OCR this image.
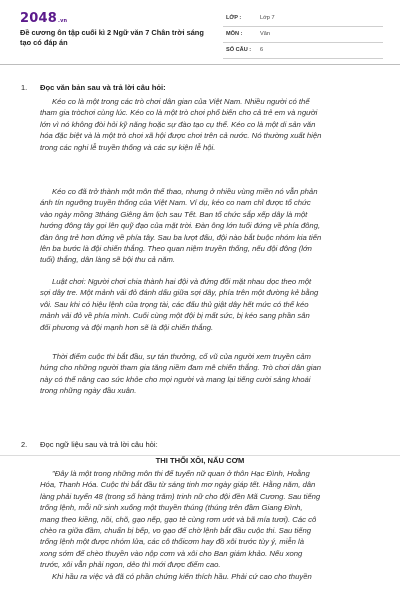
2048.vn
Đề cương ôn tập cuối kì 2 Ngữ văn 7 Chân trời sáng tạo có đáp án
LỚP :	Lớp 7
MÔN :	Văn
SỐ CÂU : 6
1. Đọc văn bản sau và trả lời câu hỏi:
Kéo co là một trong các trò chơi dân gian của Việt Nam. Nhiều người có thể
tham gia tròchơi cùng lúc. Kéo co là một trò chơi phổ biến cho cả trẻ em và người
lớn vì nó không đòi hỏi kỹ năng hoặc sự đào tạo cụ thể. Kéo co là một di sản văn
hóa đặc biệt và là một trò chơi xã hội được chơi trên cả nước. Nó thường xuất hiện
trong các nghi lễ truyền thống và các sự kiện lễ hội.
Kéo co đã trở thành một môn thể thao, nhưng ở nhiều vùng miền nó vẫn phản
ánh tín ngưỡng truyền thống của Việt Nam. Ví dụ, kéo co nam chỉ được tổ chức
vào ngày mồng 3tháng Giêng âm lịch sau Tết. Ban tổ chức sắp xếp dây là một
hướng đông tây gọi lên quỹ đạo của mặt trời. Đàn ông lớn tuổi đứng về phía đông,
đàn ông trẻ hơn đứng về phía tây. Sau ba lượt đấu, đội nào bắt buộc nhóm kia tiến
lên ba bước là đội chiến thắng. Theo quan niệm truyền thống, nếu đội đông (lớn
tuổi) thắng, dân làng sẽ bội thu cả năm.
Luật chơi: Người chơi chia thành hai đội và đứng đối mặt nhau dọc theo một
sợi dây tre. Một mảnh vải đỏ đánh dấu giữa sợi dây, phía trên một đường kẻ bằng
vôi. Sau khi có hiệu lệnh của trọng tài, các đấu thủ giật dây hết mức có thể kéo
mảnh vải đỏ về phía mình. Cuối cùng một đội bị mất sức, bị kéo sang phần sân
đối phương và đội mạnh hơn sẽ là đội chiến thắng.
Thời điểm cuộc thi bắt đầu, sự tán thưởng, cổ vũ của người xem truyền cảm
hứng cho những người tham gia tăng niềm đam mê chiến thắng. Trò chơi dân gian
này có thể nâng cao sức khỏe cho mọi người và mang lại tiếng cười sảng khoái
trong những ngày đầu xuân.
2. Đọc ngữ liệu sau và trả lời câu hỏi:
THI THỔI XÔI, NẤU CƠM
"Đây là một trong những môn thi để tuyển nữ quan ở thôn Hạc Đình, Hoằng
Hóa, Thanh Hóa. Cuộc thi bắt đầu từ sáng tinh mơ ngày giáp tết. Hằng năm, dân
làng phải tuyển 48 (trong số hàng trăm) trinh nữ cho đội đền Mã Cương. Sau tiếng
trống lệnh, mỗi nữ sinh xuống một thuyền thúng (thúng trên đầm Giang Đình,
mang theo kiềng, nồi, chõ, gạo nếp, gạo tẻ cùng rơm ướt và bã mía tươi). Các cô
chèo ra giữa đầm, chuẩn bị bếp, vo gạo để chờ lệnh bắt đầu cuộc thi. Sau tiếng
trống lệnh một được nhóm lửa, các cô thổicơm hay đồ xôi trước tùy ý, miễn là
xong sớm để chèo thuyền vào nộp cơm và xôi cho Ban giám khảo. Nếu xong
trước, xôi vẫn phải ngon, dẻo thì mới được điểm cao.
Khi hầu ra việc và đã có phần chứng kiến thích hầu. Phải cứ cao cho thuyền
